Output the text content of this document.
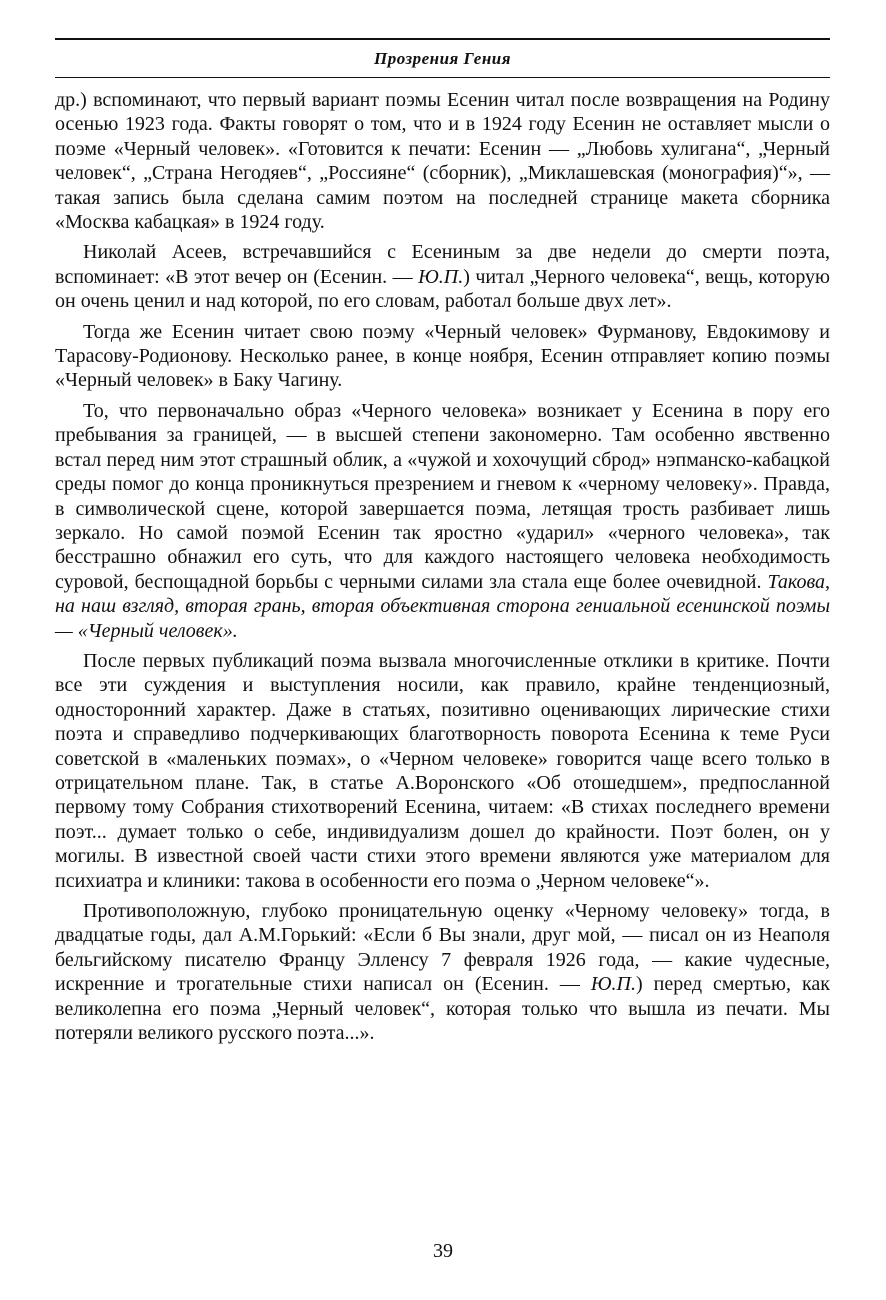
Прозрения Гения

др.) вспоминают, что первый вариант поэмы Есенин читал после возвращения на Родину осенью 1923 года. Факты говорят о том, что и в 1924 году Есенин не оставляет мысли о поэме «Черный человек». «Готовится к печати: Есенин — „Любовь хулигана“, „Черный человек“, „Страна Негодяев“, „Россияне“ (сборник), „Миклашевская (монография)“», — такая запись была сделана самим поэтом на последней странице макета сборника «Москва кабацкая» в 1924 году.

Николай Асеев, встречавшийся с Есениным за две недели до смерти поэта, вспоминает: «В этот вечер он (Есенин. — Ю.П.) читал „Черного человека“, вещь, которую он очень ценил и над которой, по его словам, работал больше двух лет».

Тогда же Есенин читает свою поэму «Черный человек» Фурманову, Евдокимову и Тарасову-Родионову. Несколько ранее, в конце ноября, Есенин отправляет копию поэмы «Черный человек» в Баку Чагину.

То, что первоначально образ «Черного человека» возникает у Есенина в пору его пребывания за границей, — в высшей степени закономерно. Там особенно явственно встал перед ним этот страшный облик, а «чужой и хохочущий сброд» нэпманско-кабацкой среды помог до конца проникнуться презрением и гневом к «черному человеку». Правда, в символической сцене, которой завершается поэма, летящая трость разбивает лишь зеркало. Но самой поэмой Есенин так яростно «ударил» «черного человека», так бесстрашно обнажил его суть, что для каждого настоящего человека необходимость суровой, беспощадной борьбы с черными силами зла стала еще более очевидной. Такова, на наш взгляд, вторая грань, вторая объективная сторона гениальной есенинской поэмы — «Черный человек».

После первых публикаций поэма вызвала многочисленные отклики в критике. Почти все эти суждения и выступления носили, как правило, крайне тенденциозный, односторонний характер. Даже в статьях, позитивно оценивающих лирические стихи поэта и справедливо подчеркивающих благотворность поворота Есенина к теме Руси советской в «маленьких поэмах», о «Черном человеке» говорится чаще всего только в отрицательном плане. Так, в статье А.Воронского «Об отошедшем», предпосланной первому тому Собрания стихотворений Есенина, читаем: «В стихах последнего времени поэт... думает только о себе, индивидуализм дошел до крайности. Поэт болен, он у могилы. В известной своей части стихи этого времени являются уже материалом для психиатра и клиники: такова в особенности его поэма о „Черном человеке“».

Противоположную, глубоко проницательную оценку «Черному человеку» тогда, в двадцатые годы, дал А.М.Горький: «Если б Вы знали, друг мой, — писал он из Неаполя бельгийскому писателю Францу Элленсу 7 февраля 1926 года, — какие чудесные, искренние и трогательные стихи написал он (Есенин. — Ю.П.) перед смертью, как великолепна его поэма „Черный человек“, которая только что вышла из печати. Мы потеряли великого русского поэта...».

39
